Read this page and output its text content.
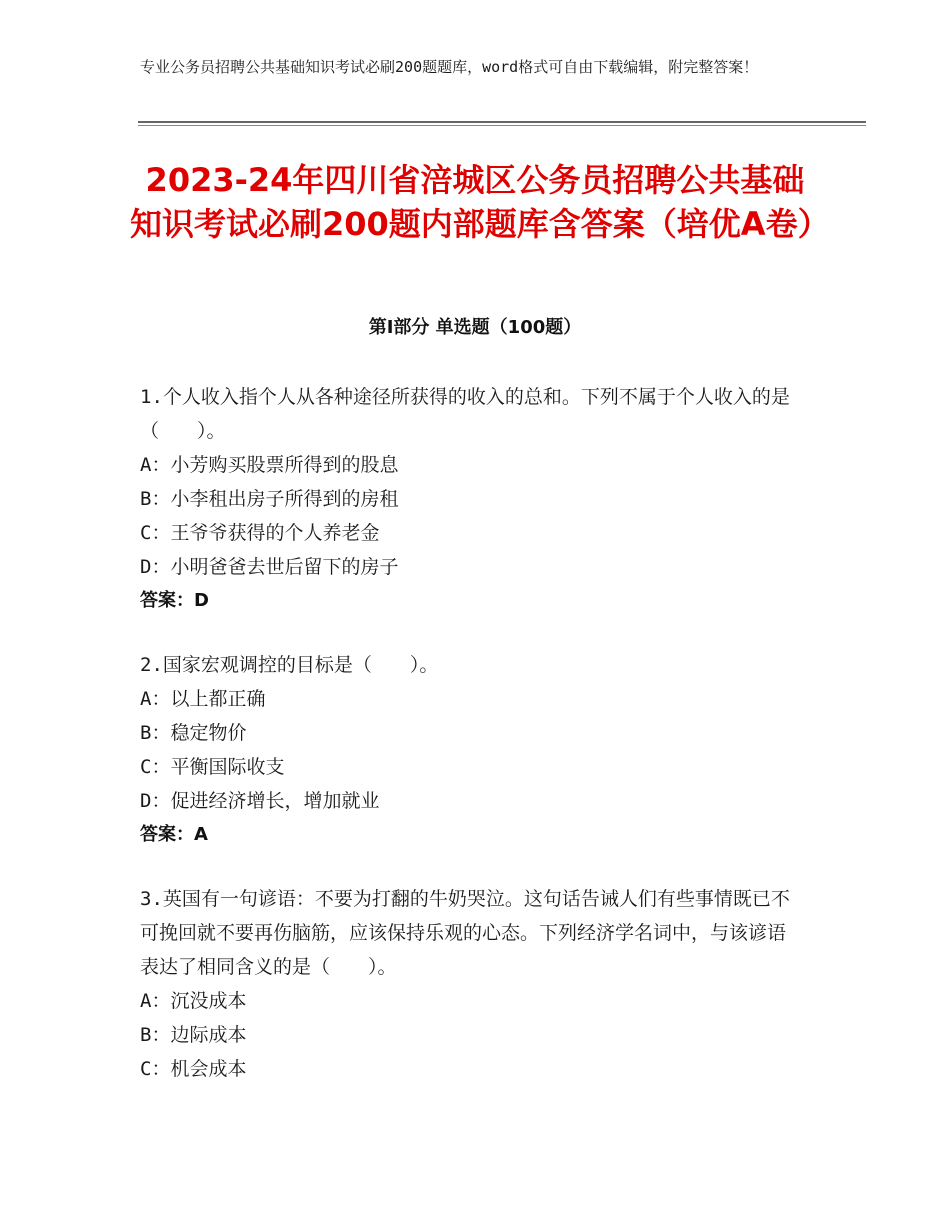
专业公务员招聘公共基础知识考试必刷200题题库，word格式可自由下载编辑，附完整答案！
2023-24年四川省涪城区公务员招聘公共基础知识考试必刷200题内部题库含答案（培优A卷）
第I部分 单选题（100题）

1.个人收入指个人从各种途径所获得的收入的总和。下列不属于个人收入的是（　　）。

A：小芳购买股票所得到的股息

B：小李租出房子所得到的房租

C：王爷爷获得的个人养老金

D：小明爸爸去世后留下的房子

答案：D

2.国家宏观调控的目标是（　　）。

A：以上都正确

B：稳定物价

C：平衡国际收支

D：促进经济增长，增加就业

答案：A

3.英国有一句谚语：不要为打翻的牛奶哭泣。这句话告诫人们有些事情既已不可挽回就不要再伤脑筋，应该保持乐观的心态。下列经济学名词中，与该谚语表达了相同含义的是（　　）。

A：沉没成本

B：边际成本

C：机会成本
